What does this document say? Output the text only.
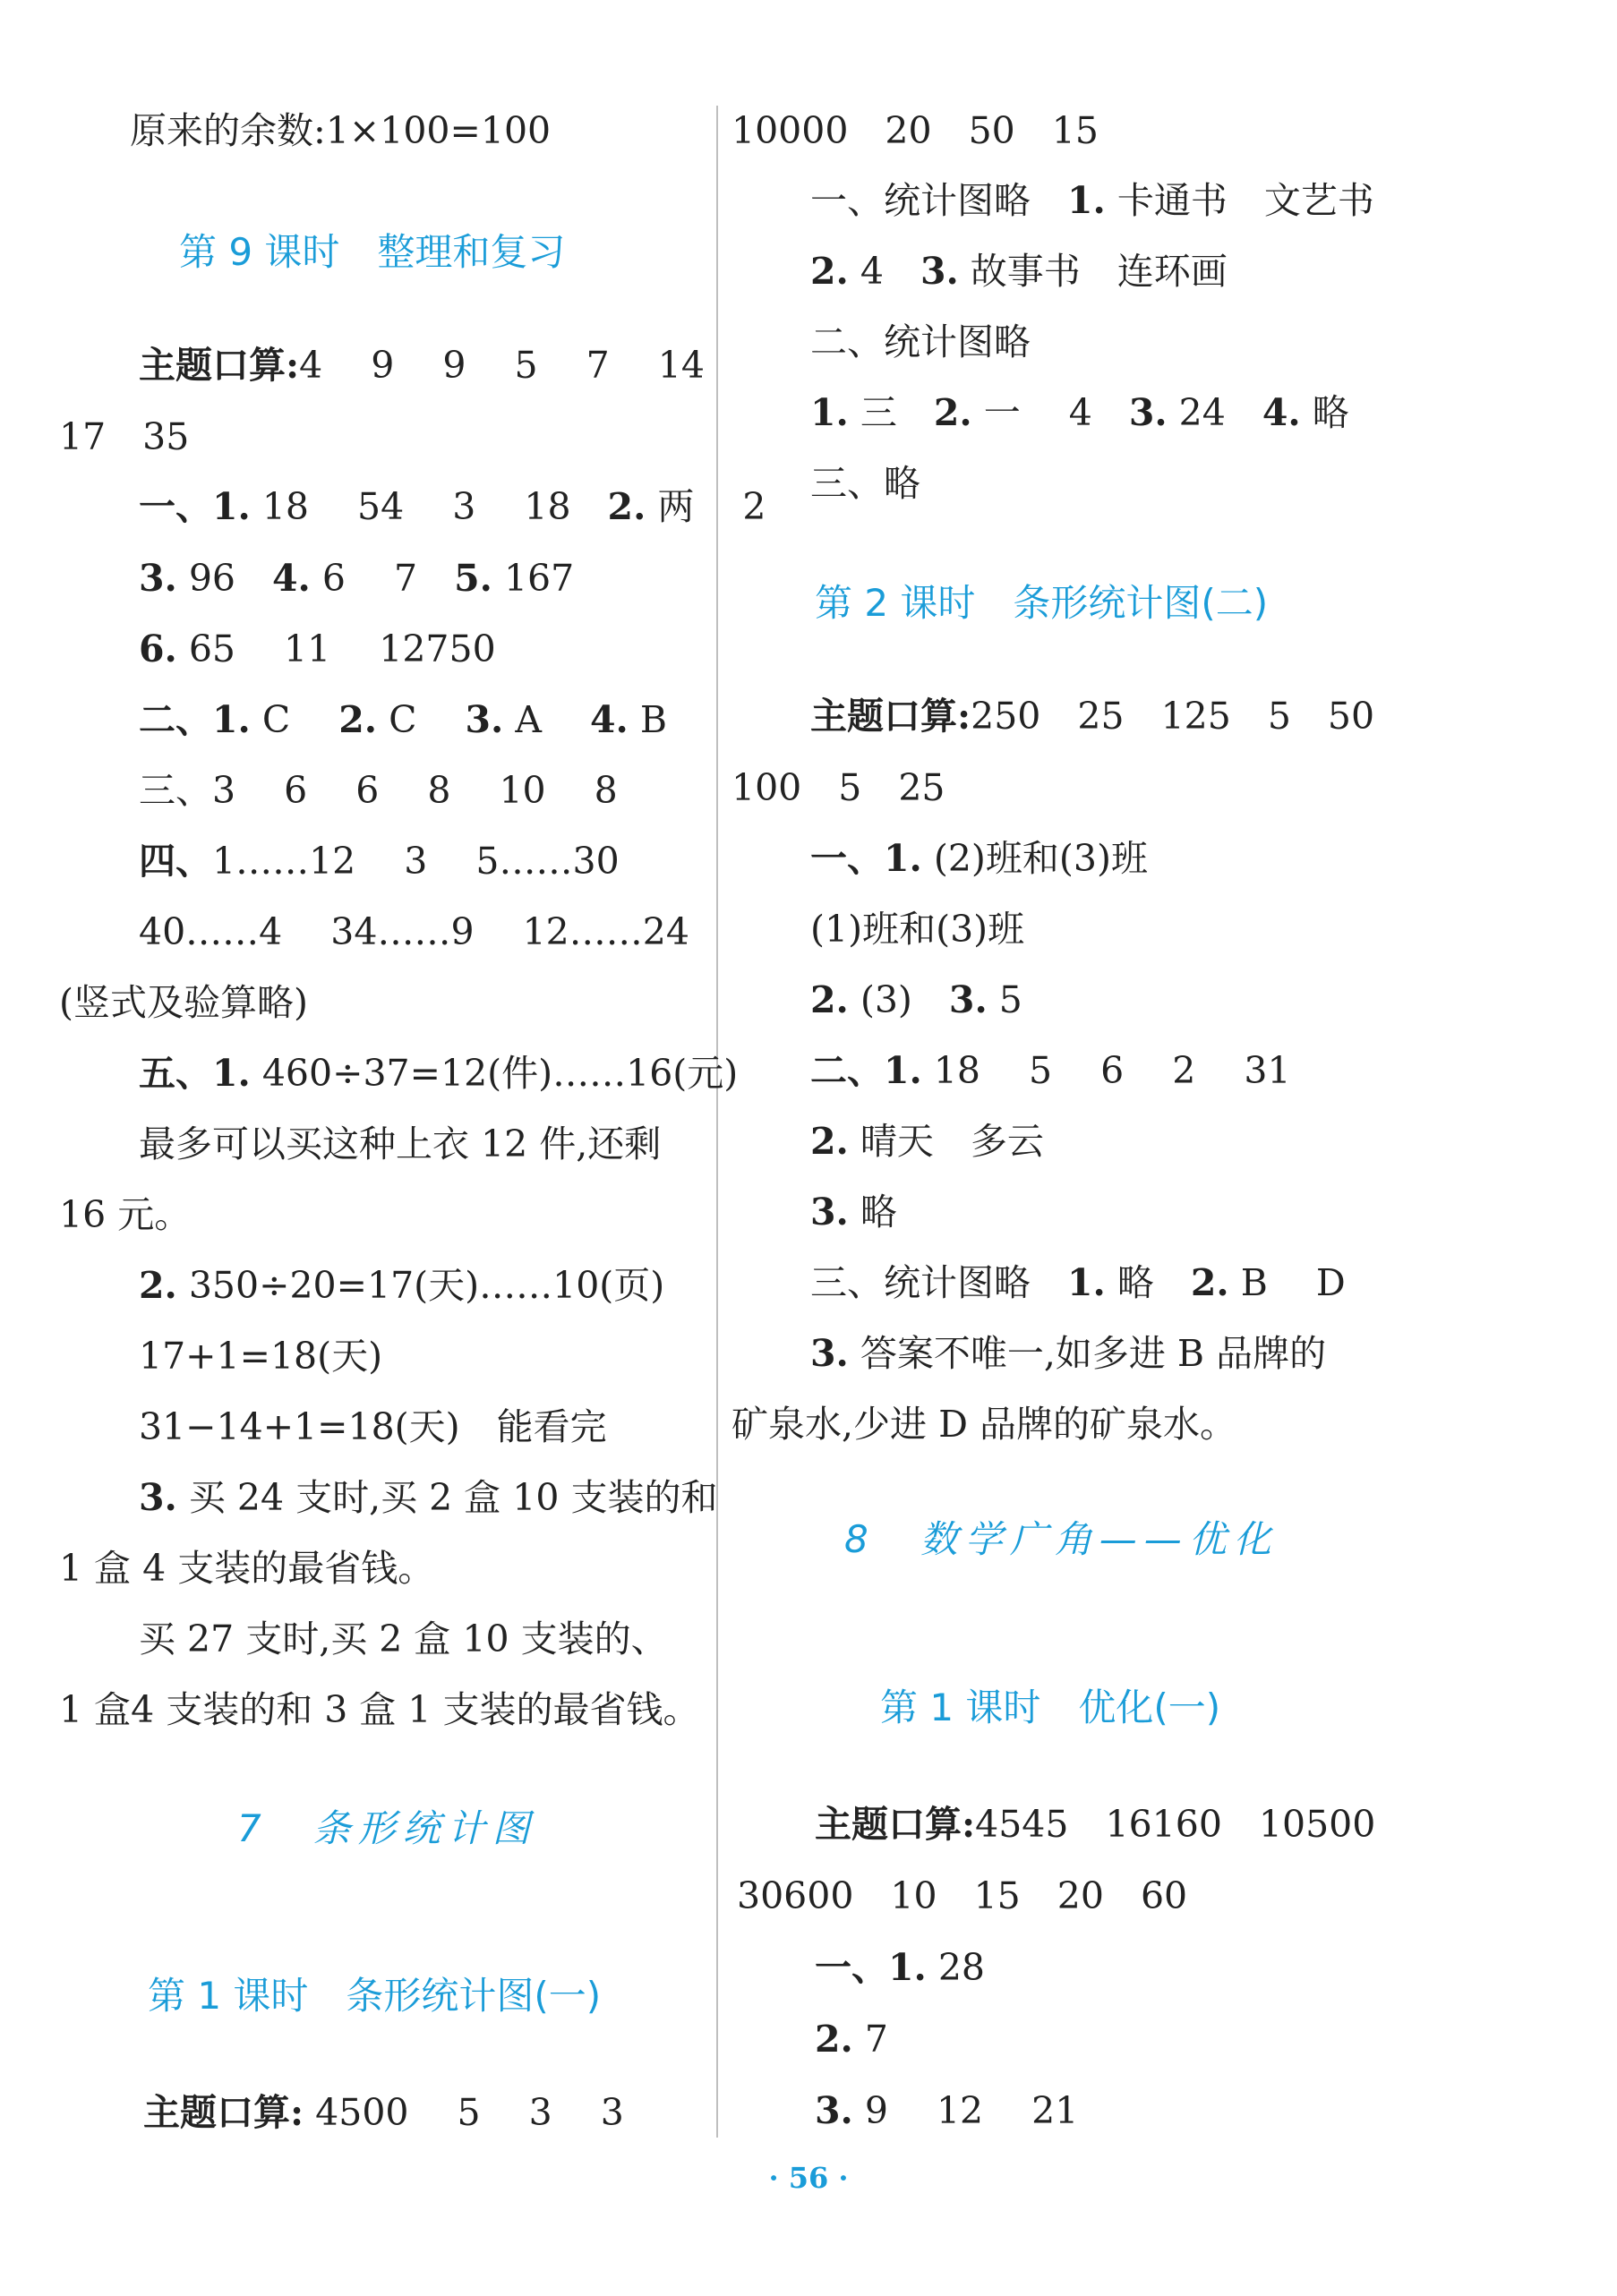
原来的余数:1×100=100
第 9 课时　整理和复习
主题口算:4　 9　 9　 5　 7　 14
17　35
一、1. 18　 54　 3　 18　2. 两　 2
3. 96　4. 6　 7　5. 167
6. 65　 11　 12750
二、1. C　 2. C　 3. A　 4. B
三、3　 6　 6　 8　 10　 8
四、1……12　 3　 5……30
40……4　 34……9　 12……24
(竖式及验算略)
五、1. 460÷37=12(件)……16(元)
最多可以买这种上衣 12 件,还剩
16 元。
2. 350÷20=17(天)……10(页)
17+1=18(天)
31−14+1=18(天)　能看完
3. 买 24 支时,买 2 盒 10 支装的和
1 盒 4 支装的最省钱。
买 27 支时,买 2 盒 10 支装的、
1 盒4 支装的和 3 盒 1 支装的最省钱。
7　条形统计图
第 1 课时　条形统计图(一)
主题口算: 4500　 5　 3　 3
10000　20　50　15
一、统计图略　1. 卡通书　文艺书
2. 4　3. 故事书　连环画
二、统计图略
1. 三　2. 一　 4　3. 24　4. 略
三、略
第 2 课时　条形统计图(二)
主题口算:250　25　125　5　50
100　5　25
一、1. (2)班和(3)班
(1)班和(3)班
2. (3)　3. 5
二、1. 18　 5　 6　 2　 31
2. 晴天　多云
3. 略
三、统计图略　1. 略　2. B　 D
3. 答案不唯一,如多进 B 品牌的
矿泉水,少进 D 品牌的矿泉水。
8　数学广角——优化
第 1 课时　优化(一)
主题口算:4545　16160　10500
30600　10　15　20　60
一、1. 28
2. 7
3. 9　 12　 21
· 56 ·
